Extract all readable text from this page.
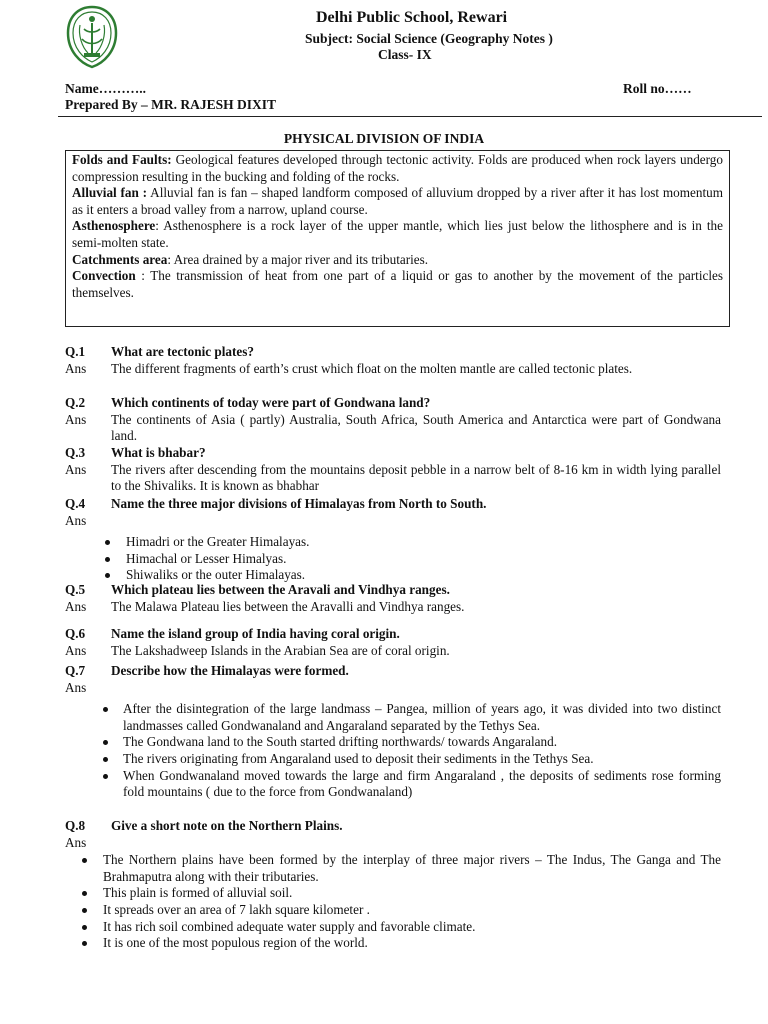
Delhi Public School, Rewari
Subject: Social Science (Geography Notes )
Class- IX
Name………..	Roll no……
Prepared By – MR. RAJESH DIXIT
PHYSICAL DIVISION OF INDIA

Folds and Faults: Geological features developed through tectonic activity. Folds are produced when rock layers undergo compression resulting in the bucking and folding of the rocks.

Alluvial fan : Alluvial fan is fan – shaped landform composed of alluvium dropped by a river after it has lost momentum as it enters a broad valley from a narrow, upland course.

Asthenosphere: Asthenosphere is a rock layer of the upper mantle, which lies just below the lithosphere and is in the semi-molten state.

Catchments area: Area drained by a major river and its tributaries.

Convection : The transmission of heat from one part of a liquid or gas to another by the movement of the particles themselves.

Q.1	What are tectonic plates?
Ans	The different fragments of earth’s crust which float on the molten mantle are called tectonic plates.
Q.2	Which continents of today were part of Gondwana land?
Ans	The continents of Asia ( partly) Australia, South Africa, South America and Antarctica were part of Gondwana land.
Q.3	What is bhabar?
Ans	The rivers after descending from the mountains deposit pebble in a narrow belt of 8-16 km in width lying parallel to the Shivaliks. It is known as bhabhar
Q.4	Name the three major divisions of Himalayas from North to South.
Ans
Himadri or the Greater Himalayas.
Himachal or Lesser Himalyas.
Shiwaliks or the outer Himalayas.
Q.5	Which plateau lies between the Aravali and Vindhya ranges.
Ans	The Malawa Plateau lies between the Aravalli and Vindhya ranges.
Q.6	Name the island group of India having coral origin.
Ans	The Lakshadweep Islands in the Arabian Sea are of coral origin.
Q.7	Describe how the Himalayas were formed.
Ans
After the disintegration of the large landmass – Pangea, million of years ago, it was divided into two distinct landmasses called Gondwanaland and Angaraland separated by the Tethys Sea.
The Gondwana land to the South started drifting northwards/ towards Angaraland.
The rivers originating from Angaraland used to deposit their sediments in the Tethys Sea.
When Gondwanaland moved towards the large and firm Angaraland , the deposits of sediments rose forming fold mountains ( due to the force from Gondwanaland)
Q.8	Give a short note on the Northern Plains.
Ans
The Northern plains have been formed by the interplay of three major rivers – The Indus, The Ganga and The Brahmaputra along with their tributaries.
This plain is formed of alluvial soil.
It spreads over an area of 7 lakh square kilometer .
It has rich soil combined adequate water supply and favorable climate.
It is one of the most populous region of the world.
